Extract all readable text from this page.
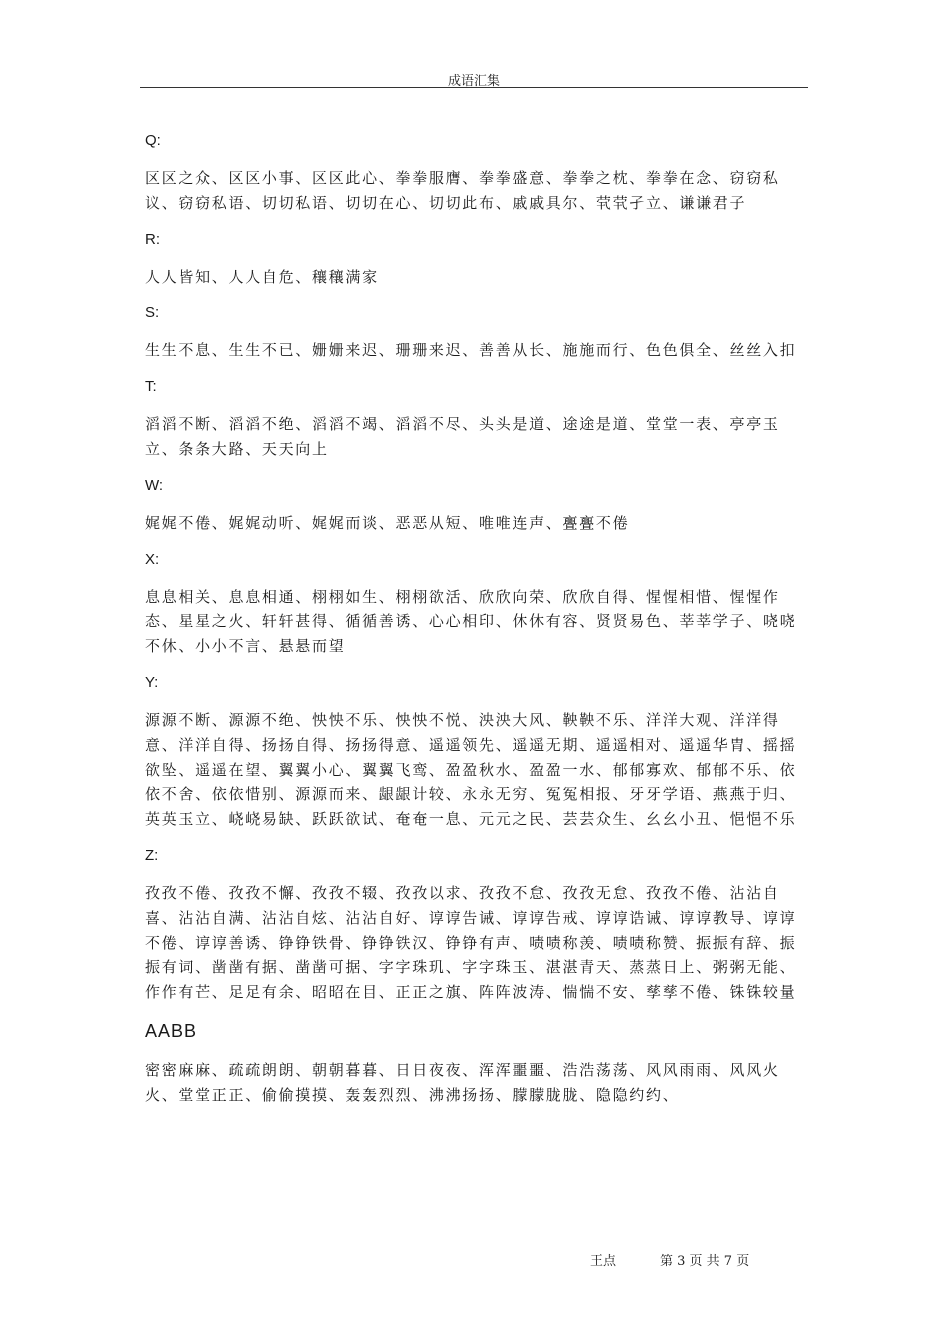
成语汇集

Q:

区区之众、区区小事、区区此心、拳拳服膺、拳拳盛意、拳拳之枕、拳拳在念、窃窃私议、窃窃私语、切切私语、切切在心、切切此布、戚戚具尔、茕茕孑立、谦谦君子

R:

人人皆知、人人自危、穰穰满家

S:

生生不息、生生不已、姗姗来迟、珊珊来迟、善善从长、施施而行、色色俱全、丝丝入扣

T:

滔滔不断、滔滔不绝、滔滔不竭、滔滔不尽、头头是道、途途是道、堂堂一表、亭亭玉立、条条大路、天天向上

W:

娓娓不倦、娓娓动听、娓娓而谈、恶恶从短、唯唯连声、亹亹不倦

X:

息息相关、息息相通、栩栩如生、栩栩欲活、欣欣向荣、欣欣自得、惺惺相惜、惺惺作态、星星之火、轩轩甚得、循循善诱、心心相印、休休有容、贤贤易色、莘莘学子、哓哓不休、小小不言、悬悬而望

Y:

源源不断、源源不绝、怏怏不乐、怏怏不悦、泱泱大风、鞅鞅不乐、洋洋大观、洋洋得意、洋洋自得、扬扬自得、扬扬得意、遥遥领先、遥遥无期、遥遥相对、遥遥华胄、摇摇欲坠、遥遥在望、翼翼小心、翼翼飞鸾、盈盈秋水、盈盈一水、郁郁寡欢、郁郁不乐、依依不舍、依依惜别、源源而来、龈龈计较、永永无穷、冤冤相报、牙牙学语、燕燕于归、英英玉立、峣峣易缺、跃跃欲试、奄奄一息、元元之民、芸芸众生、幺幺小丑、悒悒不乐

Z:

孜孜不倦、孜孜不懈、孜孜不辍、孜孜以求、孜孜不怠、孜孜无怠、孜孜不倦、沾沾自喜、沾沾自满、沾沾自炫、沾沾自好、谆谆告诫、谆谆告戒、谆谆诰诫、谆谆教导、谆谆不倦、谆谆善诱、铮铮铁骨、铮铮铁汉、铮铮有声、啧啧称羡、啧啧称赞、振振有辞、振振有词、凿凿有据、凿凿可据、字字珠玑、字字珠玉、湛湛青天、蒸蒸日上、粥粥无能、作作有芒、足足有余、昭昭在目、正正之旗、阵阵波涛、惴惴不安、孳孳不倦、铢铢较量

AABB

密密麻麻、疏疏朗朗、朝朝暮暮、日日夜夜、浑浑噩噩、浩浩荡荡、风风雨雨、风风火火、堂堂正正、偷偷摸摸、轰轰烈烈、沸沸扬扬、朦朦胧胧、隐隐约约、

王点	第 3 页 共 7 页
